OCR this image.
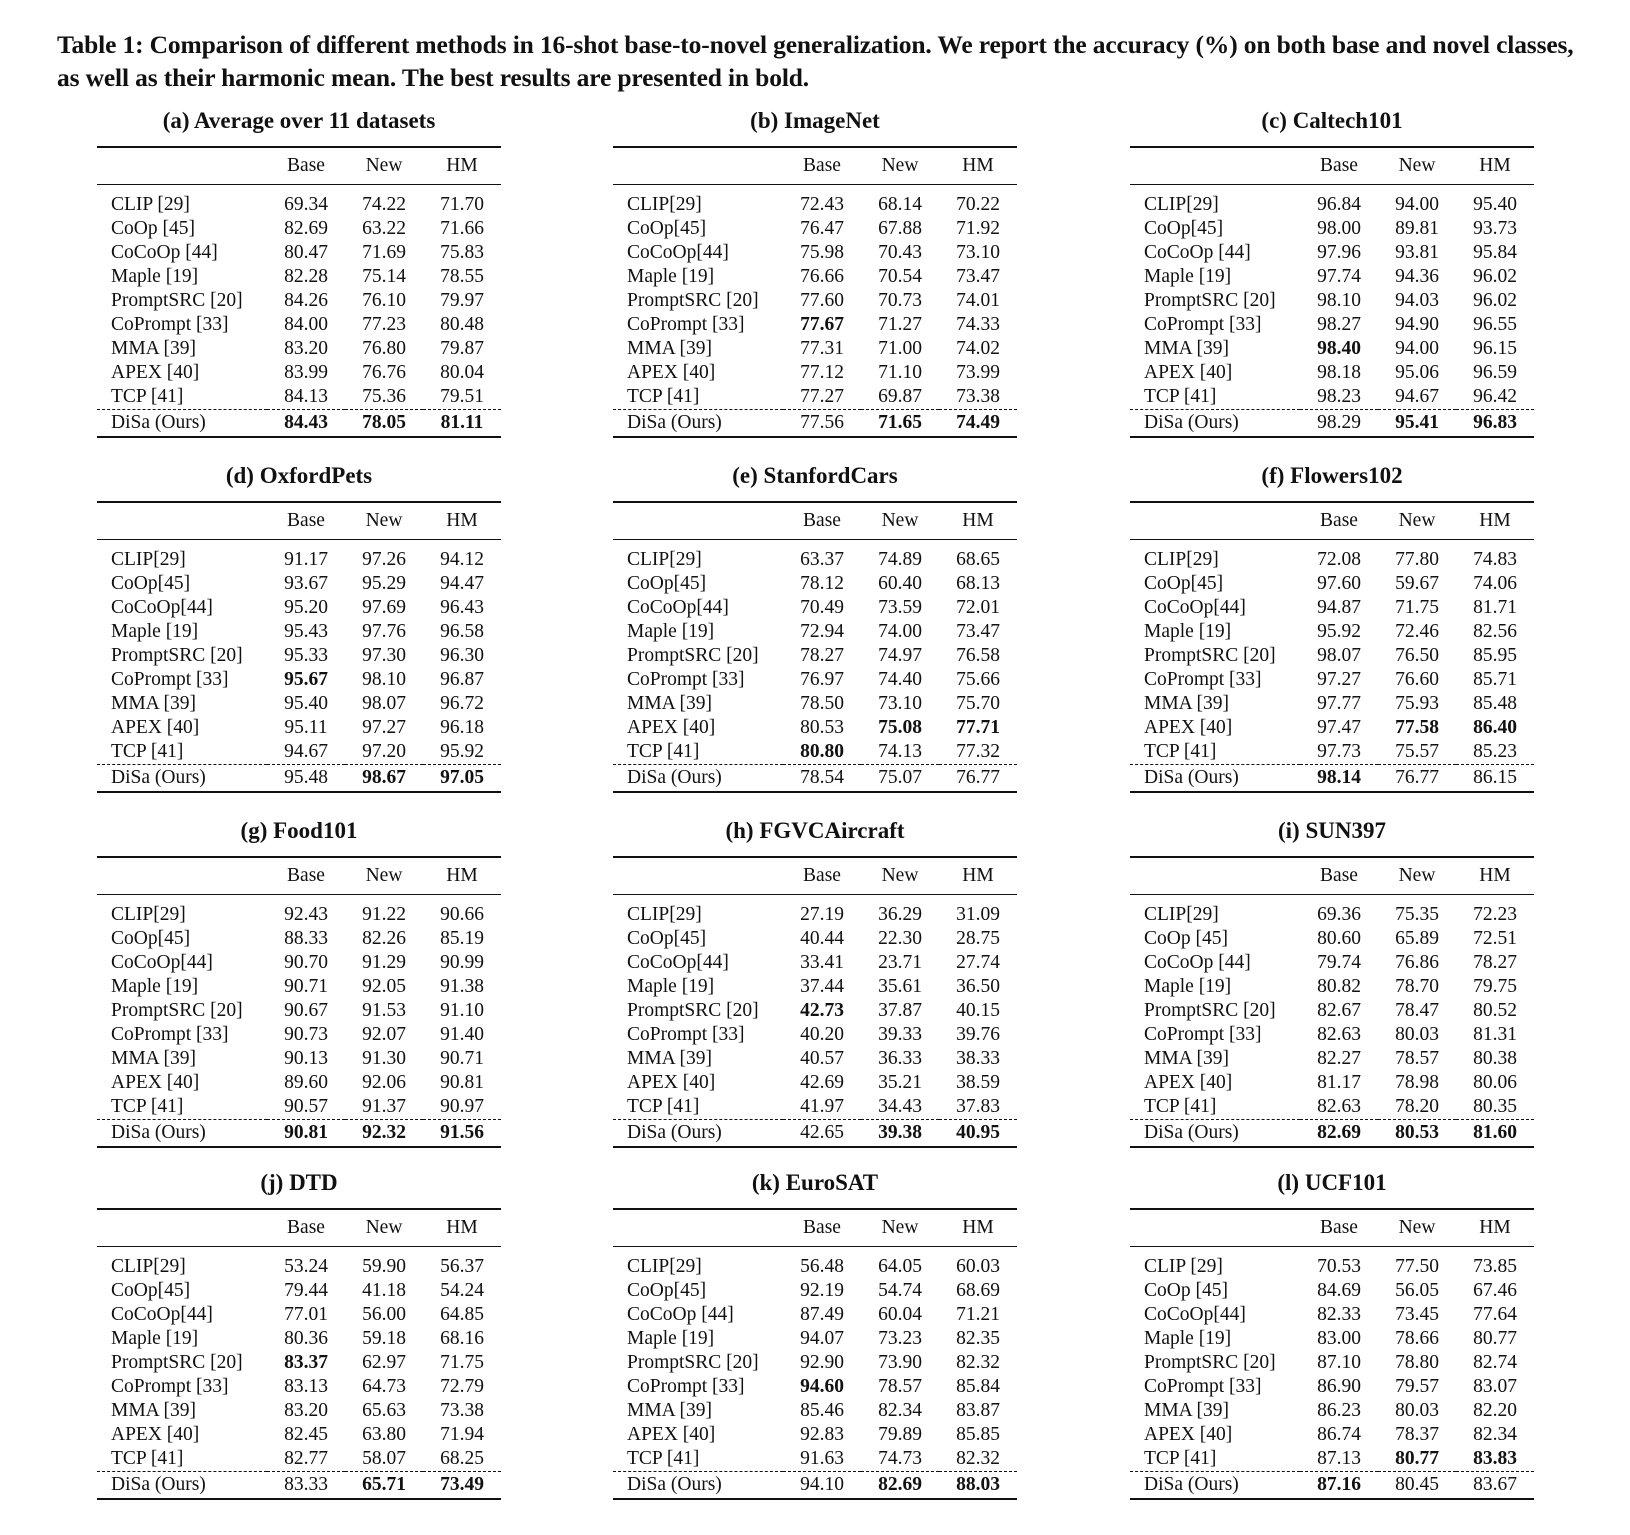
Table 1: Comparison of different methods in 16-shot base-to-novel generalization. We report the accuracy (%) on both base and novel classes, as well as their harmonic mean. The best results are presented in bold.
(a) Average over 11 datasets
	Base	New	HM
CLIP [29]	69.34	74.22	71.70
CoOp [45]	82.69	63.22	71.66
CoCoOp [44]	80.47	71.69	75.83
Maple [19]	82.28	75.14	78.55
PromptSRC [20]	84.26	76.10	79.97
CoPrompt [33]	84.00	77.23	80.48
MMA [39]	83.20	76.80	79.87
APEX [40]	83.99	76.76	80.04
TCP [41]	84.13	75.36	79.51
DiSa (Ours)	84.43	78.05	81.11
(b) ImageNet
	Base	New	HM
CLIP[29]	72.43	68.14	70.22
CoOp[45]	76.47	67.88	71.92
CoCoOp[44]	75.98	70.43	73.10
Maple [19]	76.66	70.54	73.47
PromptSRC [20]	77.60	70.73	74.01
CoPrompt [33]	77.67	71.27	74.33
MMA [39]	77.31	71.00	74.02
APEX [40]	77.12	71.10	73.99
TCP [41]	77.27	69.87	73.38
DiSa (Ours)	77.56	71.65	74.49
(c) Caltech101
	Base	New	HM
CLIP[29]	96.84	94.00	95.40
CoOp[45]	98.00	89.81	93.73
CoCoOp [44]	97.96	93.81	95.84
Maple [19]	97.74	94.36	96.02
PromptSRC [20]	98.10	94.03	96.02
CoPrompt [33]	98.27	94.90	96.55
MMA [39]	98.40	94.00	96.15
APEX [40]	98.18	95.06	96.59
TCP [41]	98.23	94.67	96.42
DiSa (Ours)	98.29	95.41	96.83
(d) OxfordPets
	Base	New	HM
CLIP[29]	91.17	97.26	94.12
CoOp[45]	93.67	95.29	94.47
CoCoOp[44]	95.20	97.69	96.43
Maple [19]	95.43	97.76	96.58
PromptSRC [20]	95.33	97.30	96.30
CoPrompt [33]	95.67	98.10	96.87
MMA [39]	95.40	98.07	96.72
APEX [40]	95.11	97.27	96.18
TCP [41]	94.67	97.20	95.92
DiSa (Ours)	95.48	98.67	97.05
(e) StanfordCars
	Base	New	HM
CLIP[29]	63.37	74.89	68.65
CoOp[45]	78.12	60.40	68.13
CoCoOp[44]	70.49	73.59	72.01
Maple [19]	72.94	74.00	73.47
PromptSRC [20]	78.27	74.97	76.58
CoPrompt [33]	76.97	74.40	75.66
MMA [39]	78.50	73.10	75.70
APEX [40]	80.53	75.08	77.71
TCP [41]	80.80	74.13	77.32
DiSa (Ours)	78.54	75.07	76.77
(f) Flowers102
	Base	New	HM
CLIP[29]	72.08	77.80	74.83
CoOp[45]	97.60	59.67	74.06
CoCoOp[44]	94.87	71.75	81.71
Maple [19]	95.92	72.46	82.56
PromptSRC [20]	98.07	76.50	85.95
CoPrompt [33]	97.27	76.60	85.71
MMA [39]	97.77	75.93	85.48
APEX [40]	97.47	77.58	86.40
TCP [41]	97.73	75.57	85.23
DiSa (Ours)	98.14	76.77	86.15
(g) Food101
	Base	New	HM
CLIP[29]	92.43	91.22	90.66
CoOp[45]	88.33	82.26	85.19
CoCoOp[44]	90.70	91.29	90.99
Maple [19]	90.71	92.05	91.38
PromptSRC [20]	90.67	91.53	91.10
CoPrompt [33]	90.73	92.07	91.40
MMA [39]	90.13	91.30	90.71
APEX [40]	89.60	92.06	90.81
TCP [41]	90.57	91.37	90.97
DiSa (Ours)	90.81	92.32	91.56
(h) FGVCAircraft
	Base	New	HM
CLIP[29]	27.19	36.29	31.09
CoOp[45]	40.44	22.30	28.75
CoCoOp[44]	33.41	23.71	27.74
Maple [19]	37.44	35.61	36.50
PromptSRC [20]	42.73	37.87	40.15
CoPrompt [33]	40.20	39.33	39.76
MMA [39]	40.57	36.33	38.33
APEX [40]	42.69	35.21	38.59
TCP [41]	41.97	34.43	37.83
DiSa (Ours)	42.65	39.38	40.95
(i) SUN397
	Base	New	HM
CLIP[29]	69.36	75.35	72.23
CoOp [45]	80.60	65.89	72.51
CoCoOp [44]	79.74	76.86	78.27
Maple [19]	80.82	78.70	79.75
PromptSRC [20]	82.67	78.47	80.52
CoPrompt [33]	82.63	80.03	81.31
MMA [39]	82.27	78.57	80.38
APEX [40]	81.17	78.98	80.06
TCP [41]	82.63	78.20	80.35
DiSa (Ours)	82.69	80.53	81.60
(j) DTD
	Base	New	HM
CLIP[29]	53.24	59.90	56.37
CoOp[45]	79.44	41.18	54.24
CoCoOp[44]	77.01	56.00	64.85
Maple [19]	80.36	59.18	68.16
PromptSRC [20]	83.37	62.97	71.75
CoPrompt [33]	83.13	64.73	72.79
MMA [39]	83.20	65.63	73.38
APEX [40]	82.45	63.80	71.94
TCP [41]	82.77	58.07	68.25
DiSa (Ours)	83.33	65.71	73.49
(k) EuroSAT
	Base	New	HM
CLIP[29]	56.48	64.05	60.03
CoOp[45]	92.19	54.74	68.69
CoCoOp [44]	87.49	60.04	71.21
Maple [19]	94.07	73.23	82.35
PromptSRC [20]	92.90	73.90	82.32
CoPrompt [33]	94.60	78.57	85.84
MMA [39]	85.46	82.34	83.87
APEX [40]	92.83	79.89	85.85
TCP [41]	91.63	74.73	82.32
DiSa (Ours)	94.10	82.69	88.03
(l) UCF101
	Base	New	HM
CLIP [29]	70.53	77.50	73.85
CoOp [45]	84.69	56.05	67.46
CoCoOp[44]	82.33	73.45	77.64
Maple [19]	83.00	78.66	80.77
PromptSRC [20]	87.10	78.80	82.74
CoPrompt [33]	86.90	79.57	83.07
MMA [39]	86.23	80.03	82.20
APEX [40]	86.74	78.37	82.34
TCP [41]	87.13	80.77	83.83
DiSa (Ours)	87.16	80.45	83.67
